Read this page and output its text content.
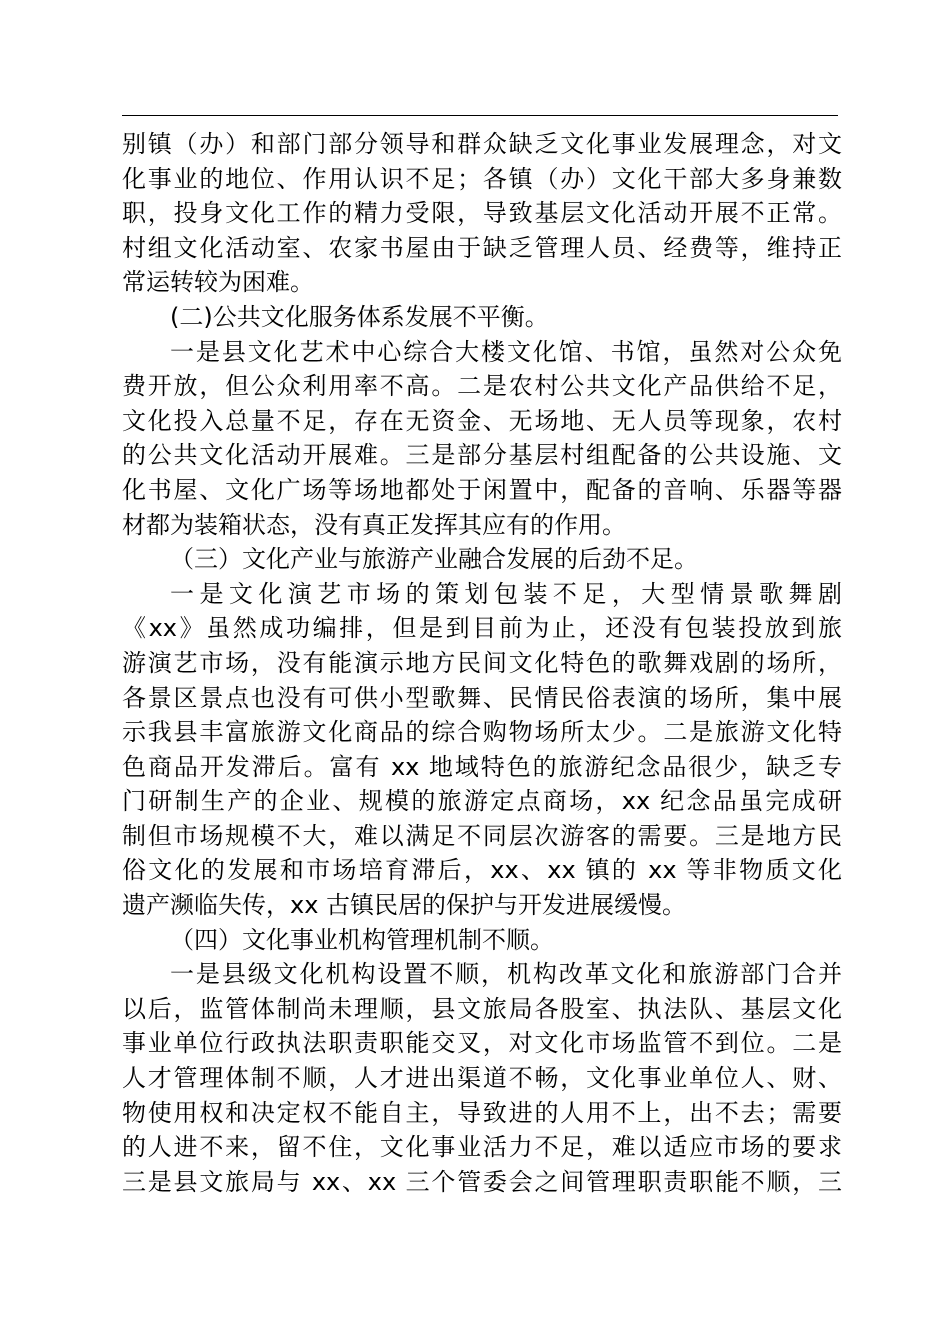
别镇（办）和部门部分领导和群众缺乏文化事业发展理念，对文
化事业的地位、作用认识不足；各镇（办）文化干部大多身兼数
职，投身文化工作的精力受限，导致基层文化活动开展不正常。
村组文化活动室、农家书屋由于缺乏管理人员、经费等，维持正
常运转较为困难。
(二)公共文化服务体系发展不平衡。
一是县文化艺术中心综合大楼文化馆、书馆，虽然对公众免
费开放，但公众利用率不高。二是农村公共文化产品供给不足，
文化投入总量不足，存在无资金、无场地、无人员等现象，农村
的公共文化活动开展难。三是部分基层村组配备的公共设施、文
化书屋、文化广场等场地都处于闲置中，配备的音响、乐器等器
材都为装箱状态，没有真正发挥其应有的作用。
（三）文化产业与旅游产业融合发展的后劲不足。
一是文化演艺市场的策划包装不足，大型情景歌舞剧
《xx》虽然成功编排，但是到目前为止，还没有包装投放到旅
游演艺市场，没有能演示地方民间文化特色的歌舞戏剧的场所，
各景区景点也没有可供小型歌舞、民情民俗表演的场所，集中展
示我县丰富旅游文化商品的综合购物场所太少。二是旅游文化特
色商品开发滞后。富有 xx 地域特色的旅游纪念品很少，缺乏专
门研制生产的企业、规模的旅游定点商场，xx 纪念品虽完成研
制但市场规模不大，难以满足不同层次游客的需要。三是地方民
俗文化的发展和市场培育滞后，xx、xx 镇的 xx 等非物质文化
遗产濒临失传，xx 古镇民居的保护与开发进展缓慢。
（四）文化事业机构管理机制不顺。
一是县级文化机构设置不顺，机构改革文化和旅游部门合并
以后，监管体制尚未理顺，县文旅局各股室、执法队、基层文化
事业单位行政执法职责职能交叉，对文化市场监管不到位。二是
人才管理体制不顺，人才进出渠道不畅，文化事业单位人、财、
物使用权和决定权不能自主，导致进的人用不上，出不去；需要
的人进不来，留不住，文化事业活力不足，难以适应市场的要求
三是县文旅局与 xx、xx 三个管委会之间管理职责职能不顺，三
